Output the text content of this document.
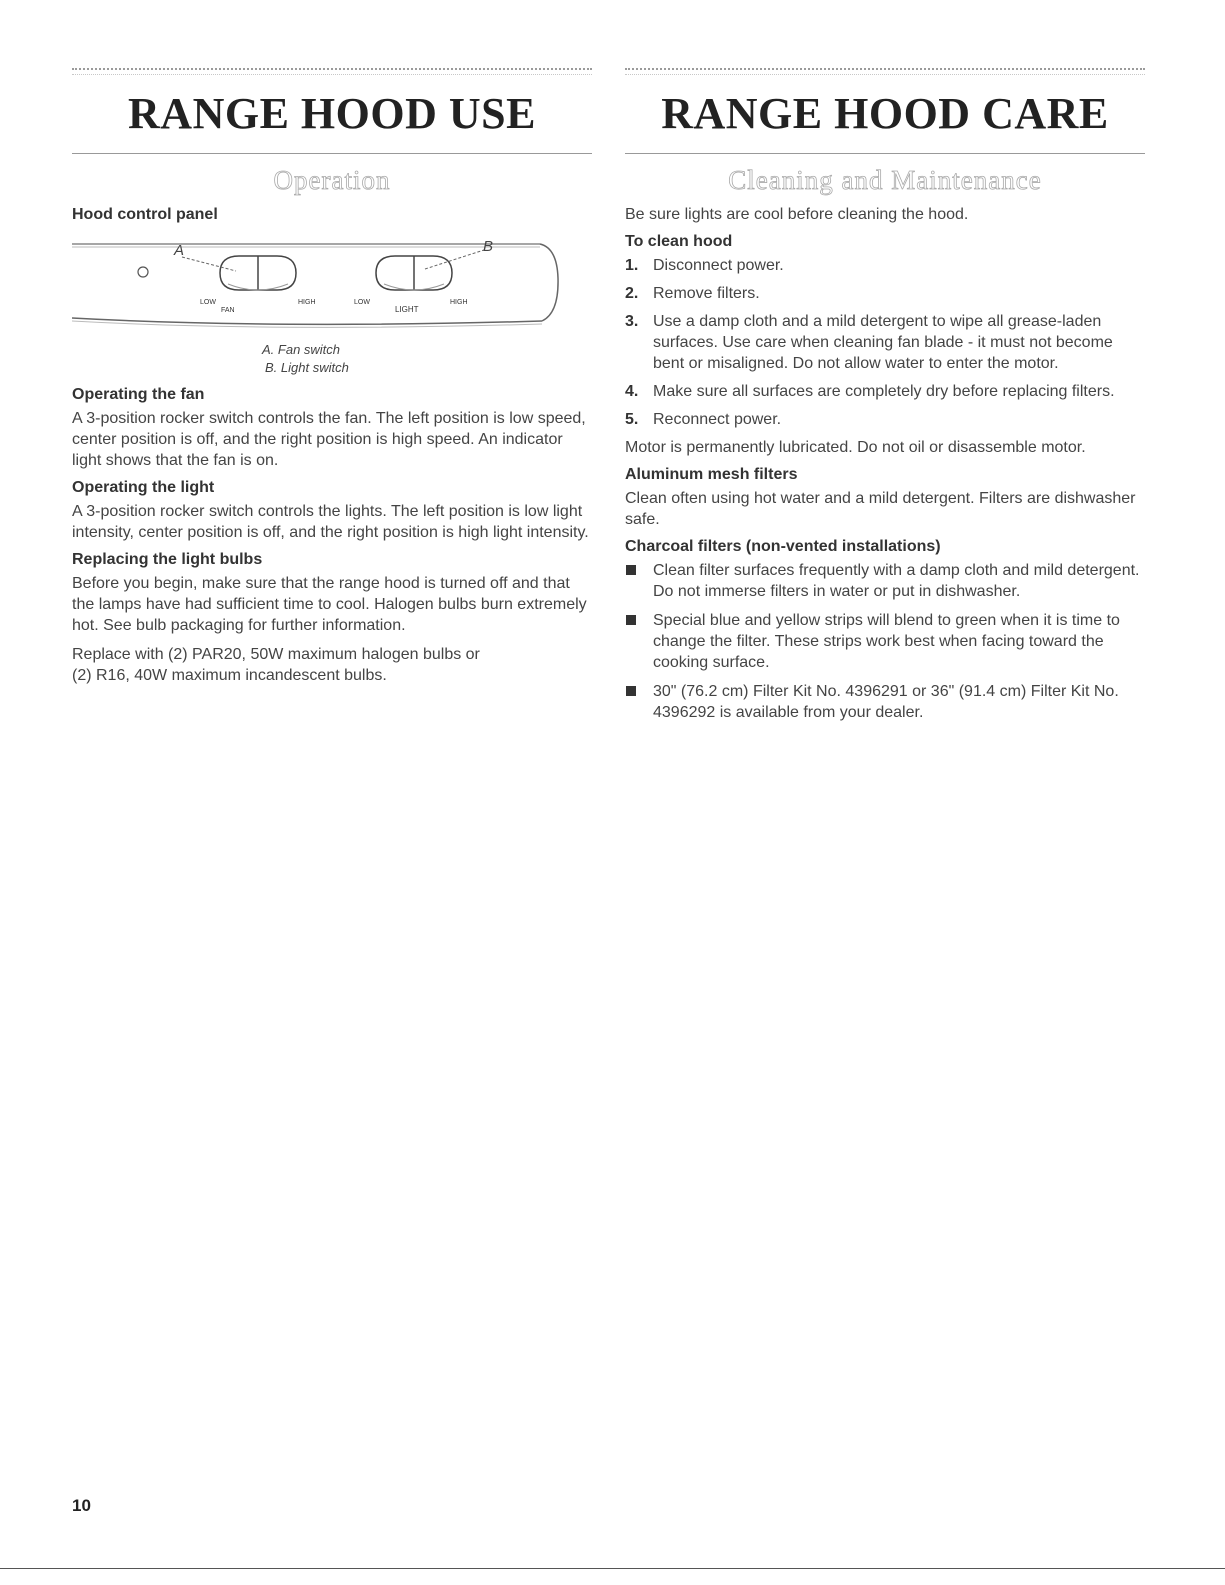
RANGE HOOD USE
Operation
Hood control panel
A	B
LOW
FAN
HIGH	LOW
LIGHT
HIGH
A. Fan switch
B. Light switch
Operating the fan

A 3-position rocker switch controls the fan. The left position is low speed, center position is off, and the right position is high speed. An indicator light shows that the fan is on.

Operating the light

A 3-position rocker switch controls the lights. The left position is low light intensity, center position is off, and the right position is high light intensity.

Replacing the light bulbs

Before you begin, make sure that the range hood is turned off and that the lamps have had sufficient time to cool. Halogen bulbs burn extremely hot. See bulb packaging for further information.

Replace with (2) PAR20, 50W maximum halogen bulbs or
(2) R16, 40W maximum incandescent bulbs.

RANGE HOOD CARE
Cleaning and Maintenance

Be sure lights are cool before cleaning the hood.

To clean hood
1. Disconnect power.
2. Remove filters.
3. Use a damp cloth and a mild detergent to wipe all grease-laden surfaces. Use care when cleaning fan blade - it must not become bent or misaligned. Do not allow water to enter the motor.
4. Make sure all surfaces are completely dry before replacing filters.
5. Reconnect power.

Motor is permanently lubricated. Do not oil or disassemble motor.

Aluminum mesh filters

Clean often using hot water and a mild detergent. Filters are dishwasher safe.

Charcoal filters (non-vented installations)
Clean filter surfaces frequently with a damp cloth and mild detergent. Do not immerse filters in water or put in dishwasher.
Special blue and yellow strips will blend to green when it is time to change the filter. These strips work best when facing toward the cooking surface.
30" (76.2 cm) Filter Kit No. 4396291 or 36" (91.4 cm) Filter Kit No. 4396292 is available from your dealer.
10
